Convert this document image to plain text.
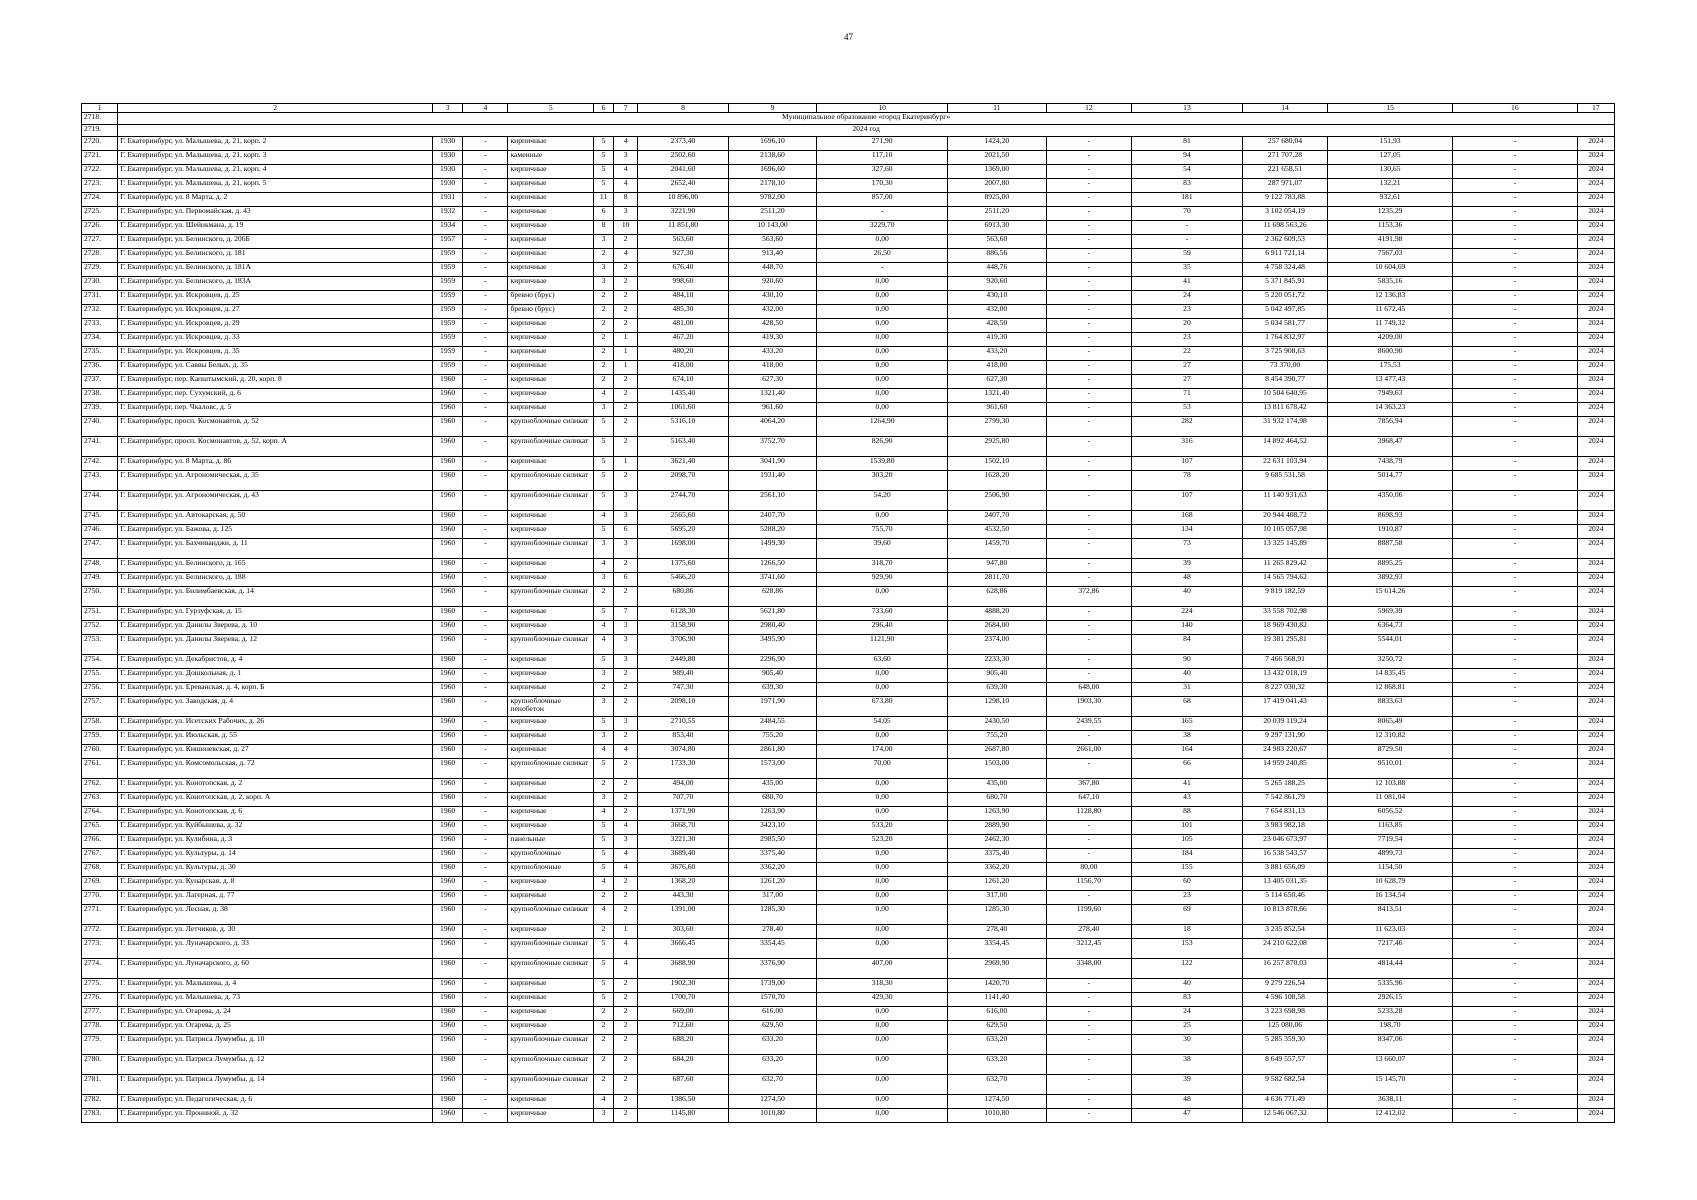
47
1	2	3	4	5	6	7	8	9	10	11	12	13	14	15	16	17
2718.	Муниципальное образование «город Екатеринбург»															
2719.	2024 год															
2720.	Г. Екатеринбург, ул. Малышева, д. 21, корп. 2	1930	-	кирпичные	5	4	2373,40	1696,10	271,90	1424,20	-	81	257 680,04	151,93	-	2024
2721.	Г. Екатеринбург, ул. Малышева, д. 21, корп. 3	1930	-	каменные	5	3	2502,60	2138,60	117,10	2021,50	-	94	271 707,28	127,05	-	2024
2722.	Г. Екатеринбург, ул. Малышева, д. 21, корп. 4	1930	-	кирпичные	5	4	2041,60	1696,60	327,60	1369,00	-	54	221 658,51	130,65	-	2024
2723.	Г. Екатеринбург, ул. Малышева, д. 21, корп. 5	1930	-	кирпичные	5	4	2652,40	2178,10	170,30	2007,80	-	83	287 971,07	132,21	-	2024
2724.	Г. Екатеринбург, ул. 8 Марта, д. 2	1931	-	кирпичные	11	8	10 896,00	9782,00	857,00	8925,00	-	181	9 122 783,88	932,61	-	2024
2725.	Г. Екатеринбург, ул. Первомайская, д. 43	1932	-	кирпичные	6	3	3221,90	2511,20	-	2511,20	-	70	3 102 054,19	1235,29	-	2024
2726.	Г. Екатеринбург, ул. Шейнкмана, д. 19	1934	-	кирпичные	8	10	11 851,80	10 143,00	3229,70	6913,30	-	-	11 698 563,26	1153,36	-	2024
2727.	Г. Екатеринбург, ул. Белинского, д. 206Б	1957	-	кирпичные	3	2	563,60	563,60	0,00	563,60	-	-	2 362 609,53	4191,98	-	2024
2728.	Г. Екатеринбург, ул. Белинского, д. 181	1959	-	кирпичные	2	4	927,30	913,40	26,50	886,56	-	59	6 911 721,14	7567,03	-	2024
2729.	Г. Екатеринбург, ул. Белинского, д. 181А	1959	-	кирпичные	3	2	676,40	448,70	-	448,76	-	35	4 758 324,48	10 604,69	-	2024
2730.	Г. Екатеринбург, ул. Белинского, д. 183А	1959	-	кирпичные	3	2	998,60	920,60	0,00	920,60	-	41	5 371 845,91	5835,16	-	2024
2731.	Г. Екатеринбург, ул. Искровцев, д. 25	1959	-	бревно (брус)	2	2	484,10	430,10	0,00	430,10	-	24	5 220 051,72	12 136,83	-	2024
2732.	Г. Екатеринбург, ул. Искровцев, д. 27	1959	-	бревно (брус)	2	2	485,30	432,00	0,00	432,00	-	23	5 042 497,85	11 672,45	-	2024
2733.	Г. Екатеринбург, ул. Искровцев, д. 29	1959	-	кирпичные	2	2	481,00	428,50	0,00	428,50	-	20	5 034 581,77	11 749,32	-	2024
2734.	Г. Екатеринбург, ул. Искровцев, д. 33	1959	-	кирпичные	2	1	467,20	419,30	0,00	419,30	-	23	1 764 832,97	4209,00	-	2024
2735.	Г. Екатеринбург, ул. Искровцев, д. 35	1959	-	кирпичные	2	1	480,20	433,20	0,00	433,20	-	22	3 725 908,63	8600,90	-	2024
2736.	Г. Екатеринбург, ул. Саввы Белых, д. 35	1959	-	кирпичные	2	1	418,00	418,00	0,00	418,00	-	27	73 370,00	175,53	-	2024
2737.	Г. Екатеринбург, пер. Капштымский, д. 20, корп. 8	1960	-	кирпичные	2	2	674,10	627,30	0,00	627,30	-	27	8 454 390,77	13 477,43	-	2024
2738.	Г. Екатеринбург, пер. Сухумский, д. 6	1960	-	кирпичные	4	2	1435,40	1321,40	0,00	1321,40	-	71	10 504 640,95	7949,63	-	2024
2739.	Г. Екатеринбург, пер. Чкаловс, д. 5	1960	-	кирпичные	3	2	1061,60	961,60	0,00	961,60	-	53	13 811 678,42	14 363,23	-	2024
2740.	Г. Екатеринбург, просп. Космонавтов, д. 52	1960	-	крупноблочные силикат	5	2	5316,10	4064,20	1264,90	2799,30	-	282	31 932 174,98	7856,94	-	2024
2741.	Г. Екатеринбург, просп. Космонавтов, д. 52, корп. А	1960	-	крупноблочные силикат	5	2	5163,40	3752,70	826,90	2925,80	-	316	14 892 464,52	3968,47	-	2024
2742.	Г. Екатеринбург, ул. 8 Марта, д. 86	1960	-	кирпичные	5	1	3621,40	3041,90	1539,80	1502,10	-	107	22 631 103,94	7438,79	-	2024
2743.	Г. Екатеринбург, ул. Агрономическая, д. 35	1960	-	крупноблочные силикат	5	2	2098,70	1931,40	303,20	1628,20	-	78	9 685 531,58	5014,77	-	2024
2744.	Г. Екатеринбург, ул. Агрономическая, д. 43	1960	-	крупноблочные силикат	5	3	2744,70	2561,10	54,20	2506,90	-	107	11 140 931,63	4350,06	-	2024
2745.	Г. Екатеринбург, ул. Автокарская, д. 50	1960	-	кирпичные	4	3	2565,60	2407,70	0,00	2407,70	-	168	20 944 408,72	8698,93	-	2024
2746.	Г. Екатеринбург, ул. Бажова, д. 125	1960	-	кирпичные	5	6	5695,20	5288,20	755,70	4532,50	-	134	10 105 057,98	1910,87	-	2024
2747.	Г. Екатеринбург, ул. Бахчиванджи, д. 11	1960	-	крупноблочные силикат	3	3	1698,00	1499,30	39,60	1459,70	-	73	13 325 145,89	8887,58	-	2024
2748.	Г. Екатеринбург, ул. Белинского, д. 165	1960	-	кирпичные	4	2	1375,60	1266,50	318,70	947,80	-	39	11 265 829,42	8895,25	-	2024
2749.	Г. Екатеринбург, ул. Белинского, д. 188	1960	-	кирпичные	3	6	5466,20	3741,60	929,90	2811,70	-	48	14 565 794,62	3892,93	-	2024
2750.	Г. Екатеринбург, ул. Билимбаевская, д. 14	1960	-	крупноблочные силикат	2	2	680,86	628,86	0,00	628,86	372,86	40	9 819 182,59	15 614,26	-	2024
2751.	Г. Екатеринбург, ул. Гурзуфская, д. 15	1960	-	кирпичные	5	7	6128,30	5621,80	733,60	4888,20	-	224	33 558 702,98	5969,39	-	2024
2752.	Г. Екатеринбург, ул. Данилы Зверева, д. 10	1960	-	кирпичные	4	3	3158,90	2980,40	296,40	2684,00	-	140	18 969 430,82	6364,73	-	2024
2753.	Г. Екатеринбург, ул. Данилы Зверева, д. 12	1960	-	крупноблочные силикат	4	3	3706,90	3495,90	1121,90	2374,00	-	84	19 381 295,81	5544,01	-	2024
2754.	Г. Екатеринбург, ул. Декабристов, д. 4	1960	-	кирпичные	5	3	2449,80	2296,90	63,60	2233,30	-	90	7 466 568,91	3250,72	-	2024
2755.	Г. Екатеринбург, ул. Дошкольная, д. 1	1960	-	кирпичные	3	2	989,40	905,40	0,00	905,40	-	40	13 432 018,19	14 835,45	-	2024
2756.	Г. Екатеринбург, ул. Ереванская, д. 4, корп. Б	1960	-	кирпичные	2	2	747,30	639,30	0,00	639,30	648,00	31	8 227 030,32	12 868,81	-	2024
2757.	Г. Екатеринбург, ул. Заводская, д. 4	1960	-	крупноблочные пенобетон	3	2	2098,10	1971,90	673,80	1298,10	1903,30	68	17 419 041,43	8833,63	-	2024
2758.	Г. Екатеринбург, ул. Исетских Рабочих, д. 26	1960	-	кирпичные	5	3	2710,55	2484,55	54,05	2430,50	2439,55	165	20 039 119,24	8065,49	-	2024
2759.	Г. Екатеринбург, ул. Июльская, д. 55	1960	-	кирпичные	3	2	853,40	755,20	0,00	755,20	-	38	9 297 131,90	12 310,82	-	2024
2760.	Г. Екатеринбург, ул. Кишиневская, д. 27	1960	-	кирпичные	4	4	3074,80	2861,80	174,00	2687,80	2661,00	164	24 983 220,67	8729,50	-	2024
2761.	Г. Екатеринбург, ул. Комсомольская, д. 72	1960	-	крупноблочные силикат	5	2	1733,30	1573,00	70,00	1503,00	-	66	14 959 240,85	9510,01	-	2024
2762.	Г. Екатеринбург, ул. Конотопская, д. 2	1960	-	кирпичные	2	2	494,00	435,00	0,00	435,00	367,80	41	5 265 188,25	12 103,88	-	2024
2763.	Г. Екатеринбург, ул. Конотопская, д. 2, корп. А	1960	-	кирпичные	3	2	707,70	680,70	0,00	680,70	647,10	43	7 542 861,79	11 081,04	-	2024
2764.	Г. Екатеринбург, ул. Конотопская, д. 6	1960	-	кирпичные	4	2	1371,90	1263,90	0,00	1263,90	1128,80	88	7 654 831,13	6056,52	-	2024
2765.	Г. Екатеринбург, ул. Куйбышева, д. 32	1960	-	кирпичные	5	4	3668,70	3423,10	533,20	2889,90	-	101	3 983 982,18	1163,85	-	2024
2766.	Г. Екатеринбург, ул. Кулибина, д. 3	1960	-	панельные	5	3	3221,30	2985,50	523,20	2462,30	-	105	23 046 673,97	7719,54	-	2024
2767.	Г. Екатеринбург, ул. Культуры, д. 14	1960	-	крупноблочные	5	4	3689,40	3375,40	0,00	3375,40	-	184	16 538 543,57	4899,73	-	2024
2768.	Г. Екатеринбург, ул. Культуры, д. 30	1960	-	крупноблочные	5	4	3676,60	3362,20	0,00	3362,20	80,00	155	3 881 656,09	1154,50	-	2024
2769.	Г. Екатеринбург, ул. Кунарская, д. 8	1960	-	кирпичные	4	2	1368,20	1261,20	0,00	1261,20	1156,70	60	13 405 031,35	10 628,79	-	2024
2770.	Г. Екатеринбург, ул. Лагерная, д. 77	1960	-	кирпичные	2	2	443,30	317,00	0,00	317,00	-	23	5 114 650,46	16 134,54	-	2024
2771.	Г. Екатеринбург, ул. Лесная, д. 38	1960	-	крупноблочные силикат	4	2	1391,00	1285,30	0,00	1285,30	1199,60	69	10 813 878,66	8413,51	-	2024
2772.	Г. Екатеринбург, ул. Летчиков, д. 30	1960	-	кирпичные	2	1	303,60	278,40	0,00	278,40	278,40	18	3 235 852,54	11 623,03	-	2024
2773.	Г. Екатеринбург, ул. Луначарского, д. 33	1960	-	крупноблочные силикат	5	4	3666,45	3354,45	0,00	3354,45	3212,45	153	24 210 622,08	7217,46	-	2024
2774.	Г. Екатеринбург, ул. Луначарского, д. 60	1960	-	крупноблочные силикат	5	4	3688,90	3376,90	407,00	2969,90	3348,00	122	16 257 870,03	4814,44	-	2024
2775.	Г. Екатеринбург, ул. Малышева, д. 4	1960	-	кирпичные	5	2	1902,30	1739,00	318,30	1420,70	-	40	9 279 226,54	5335,96	-	2024
2776.	Г. Екатеринбург, ул. Малышева, д. 73	1960	-	кирпичные	5	2	1700,70	1570,70	429,30	1141,40	-	83	4 596 108,58	2926,15	-	2024
2777.	Г. Екатеринбург, ул. Огарева, д. 24	1960	-	кирпичные	2	2	669,00	616,00	0,00	616,00	-	24	3 223 698,98	5233,28	-	2024
2778.	Г. Екатеринбург, ул. Огарева, д. 25	1960	-	кирпичные	2	2	712,60	629,50	0,00	629,50	-	25	125 080,06	198,70	-	2024
2779.	Г. Екатеринбург, ул. Патриса Лумумбы, д. 10	1960	-	крупноблочные силикат	2	2	688,20	633,20	0,00	633,20	-	30	5 285 359,30	8347,06	-	2024
2780.	Г. Екатеринбург, ул. Патриса Лумумбы, д. 12	1960	-	крупноблочные силикат	2	2	684,20	633,20	0,00	633,20	-	38	8 649 557,57	13 660,07	-	2024
2781.	Г. Екатеринбург, ул. Патриса Лумумбы, д. 14	1960	-	крупноблочные силикат	2	2	687,60	632,70	0,00	632,70	-	39	9 582 682,54	15 145,70	-	2024
2782.	Г. Екатеринбург, ул. Педагогическая, д. 6	1960	-	кирпичные	4	2	1386,50	1274,50	0,00	1274,50	-	48	4 636 771,49	3638,11	-	2024
2783.	Г. Екатеринбург, ул. Прониной, д. 32	1960	-	кирпичные	3	2	1145,80	1010,80	0,00	1010,80	-	47	12 546 067,32	12 412,02	-	2024
